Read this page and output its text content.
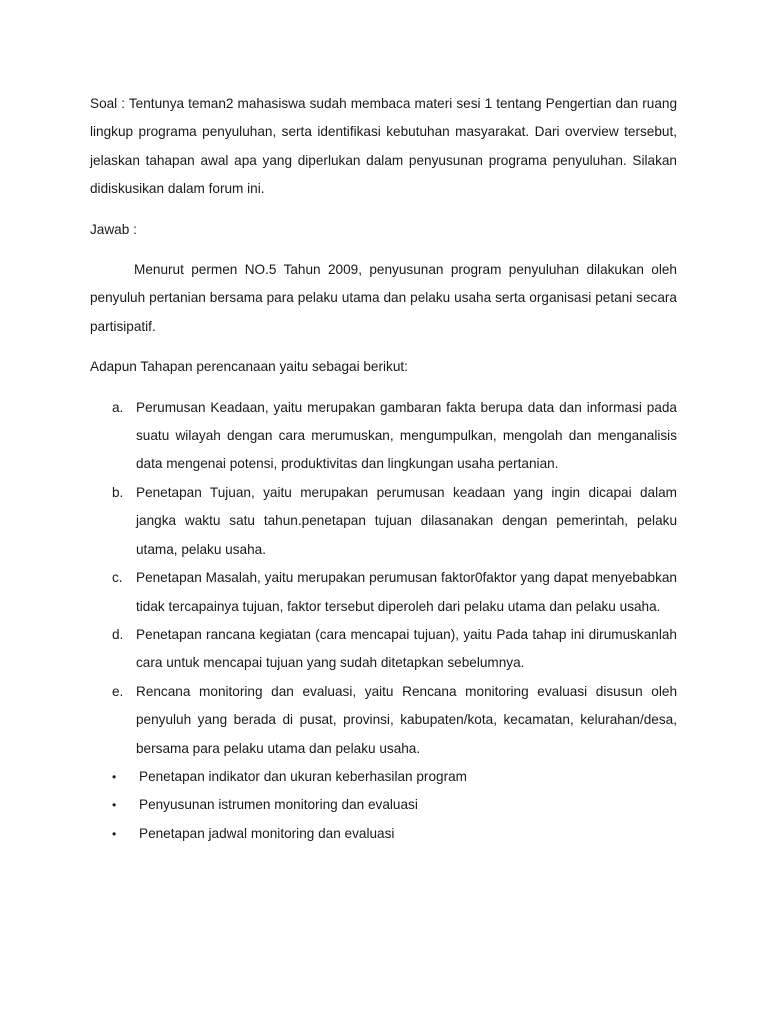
Soal : Tentunya teman2 mahasiswa sudah membaca materi sesi 1 tentang Pengertian dan ruang lingkup programa penyuluhan, serta identifikasi kebutuhan masyarakat. Dari overview tersebut, jelaskan tahapan awal apa yang diperlukan dalam penyusunan programa penyuluhan. Silakan didiskusikan dalam forum ini.

Jawab :

Menurut permen NO.5 Tahun 2009, penyusunan program penyuluhan dilakukan oleh penyuluh pertanian bersama para pelaku utama dan pelaku usaha serta organisasi petani secara partisipatif.

Adapun Tahapan perencanaan yaitu sebagai berikut:

a. Perumusan Keadaan, yaitu merupakan gambaran fakta berupa data dan informasi pada suatu wilayah dengan cara merumuskan, mengumpulkan, mengolah dan menganalisis data mengenai potensi, produktivitas dan lingkungan usaha pertanian.
b. Penetapan Tujuan, yaitu merupakan perumusan keadaan yang ingin dicapai dalam jangka waktu satu tahun.penetapan tujuan dilasanakan dengan pemerintah, pelaku utama, pelaku usaha.
c. Penetapan Masalah, yaitu merupakan perumusan faktor0faktor yang dapat menyebabkan tidak tercapainya tujuan, faktor tersebut diperoleh dari pelaku utama dan pelaku usaha.
d. Penetapan rancana kegiatan (cara mencapai tujuan), yaitu Pada tahap ini dirumuskanlah cara untuk mencapai tujuan yang sudah ditetapkan sebelumnya.
e. Rencana monitoring dan evaluasi, yaitu Rencana monitoring evaluasi disusun oleh penyuluh yang berada di pusat, provinsi, kabupaten/kota, kecamatan, kelurahan/desa, bersama para pelaku utama dan pelaku usaha.
• Penetapan indikator dan ukuran keberhasilan program
• Penyusunan istrumen monitoring dan evaluasi
• Penetapan jadwal monitoring dan evaluasi
